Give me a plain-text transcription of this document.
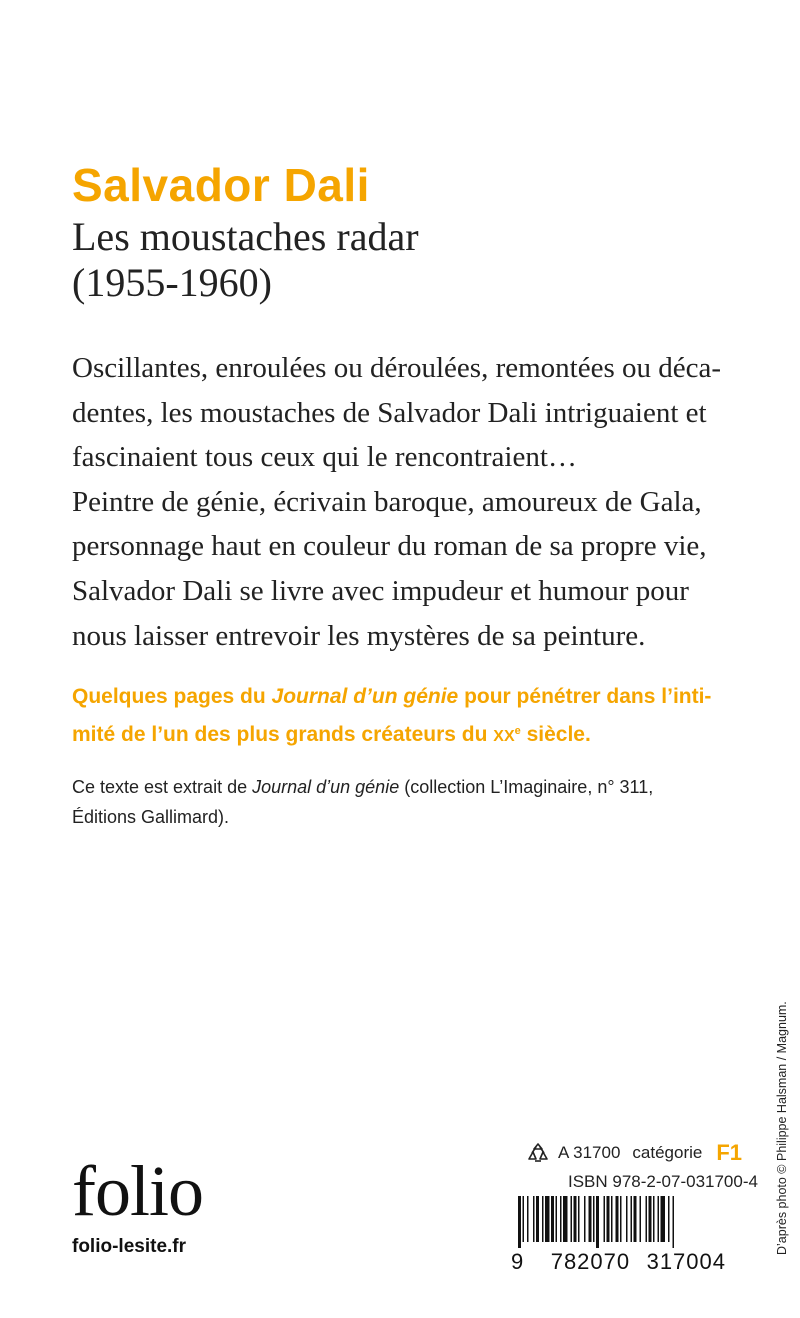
Salvador Dali
Les moustaches radar
(1955-1960)
Oscillantes, enroulées ou déroulées, remontées ou déca-
dentes, les moustaches de Salvador Dali intriguaient et
fascinaient tous ceux qui le rencontraient…
Peintre de génie, écrivain baroque, amoureux de Gala,
personnage haut en couleur du roman de sa propre vie,
Salvador Dali se livre avec impudeur et humour pour
nous laisser entrevoir les mystères de sa peinture.
Quelques pages du Journal d’un génie pour pénétrer dans l’inti-
mité de l’un des plus grands créateurs du XXe siècle.
Ce texte est extrait de Journal d’un génie (collection L’Imaginaire, n° 311,
Éditions Gallimard).
folio
folio-lesite.fr
A 31700 catégorie F1
ISBN 978-2-07-031700-4
9 782070 317004
D’après photo © Philippe Halsman / Magnum.
